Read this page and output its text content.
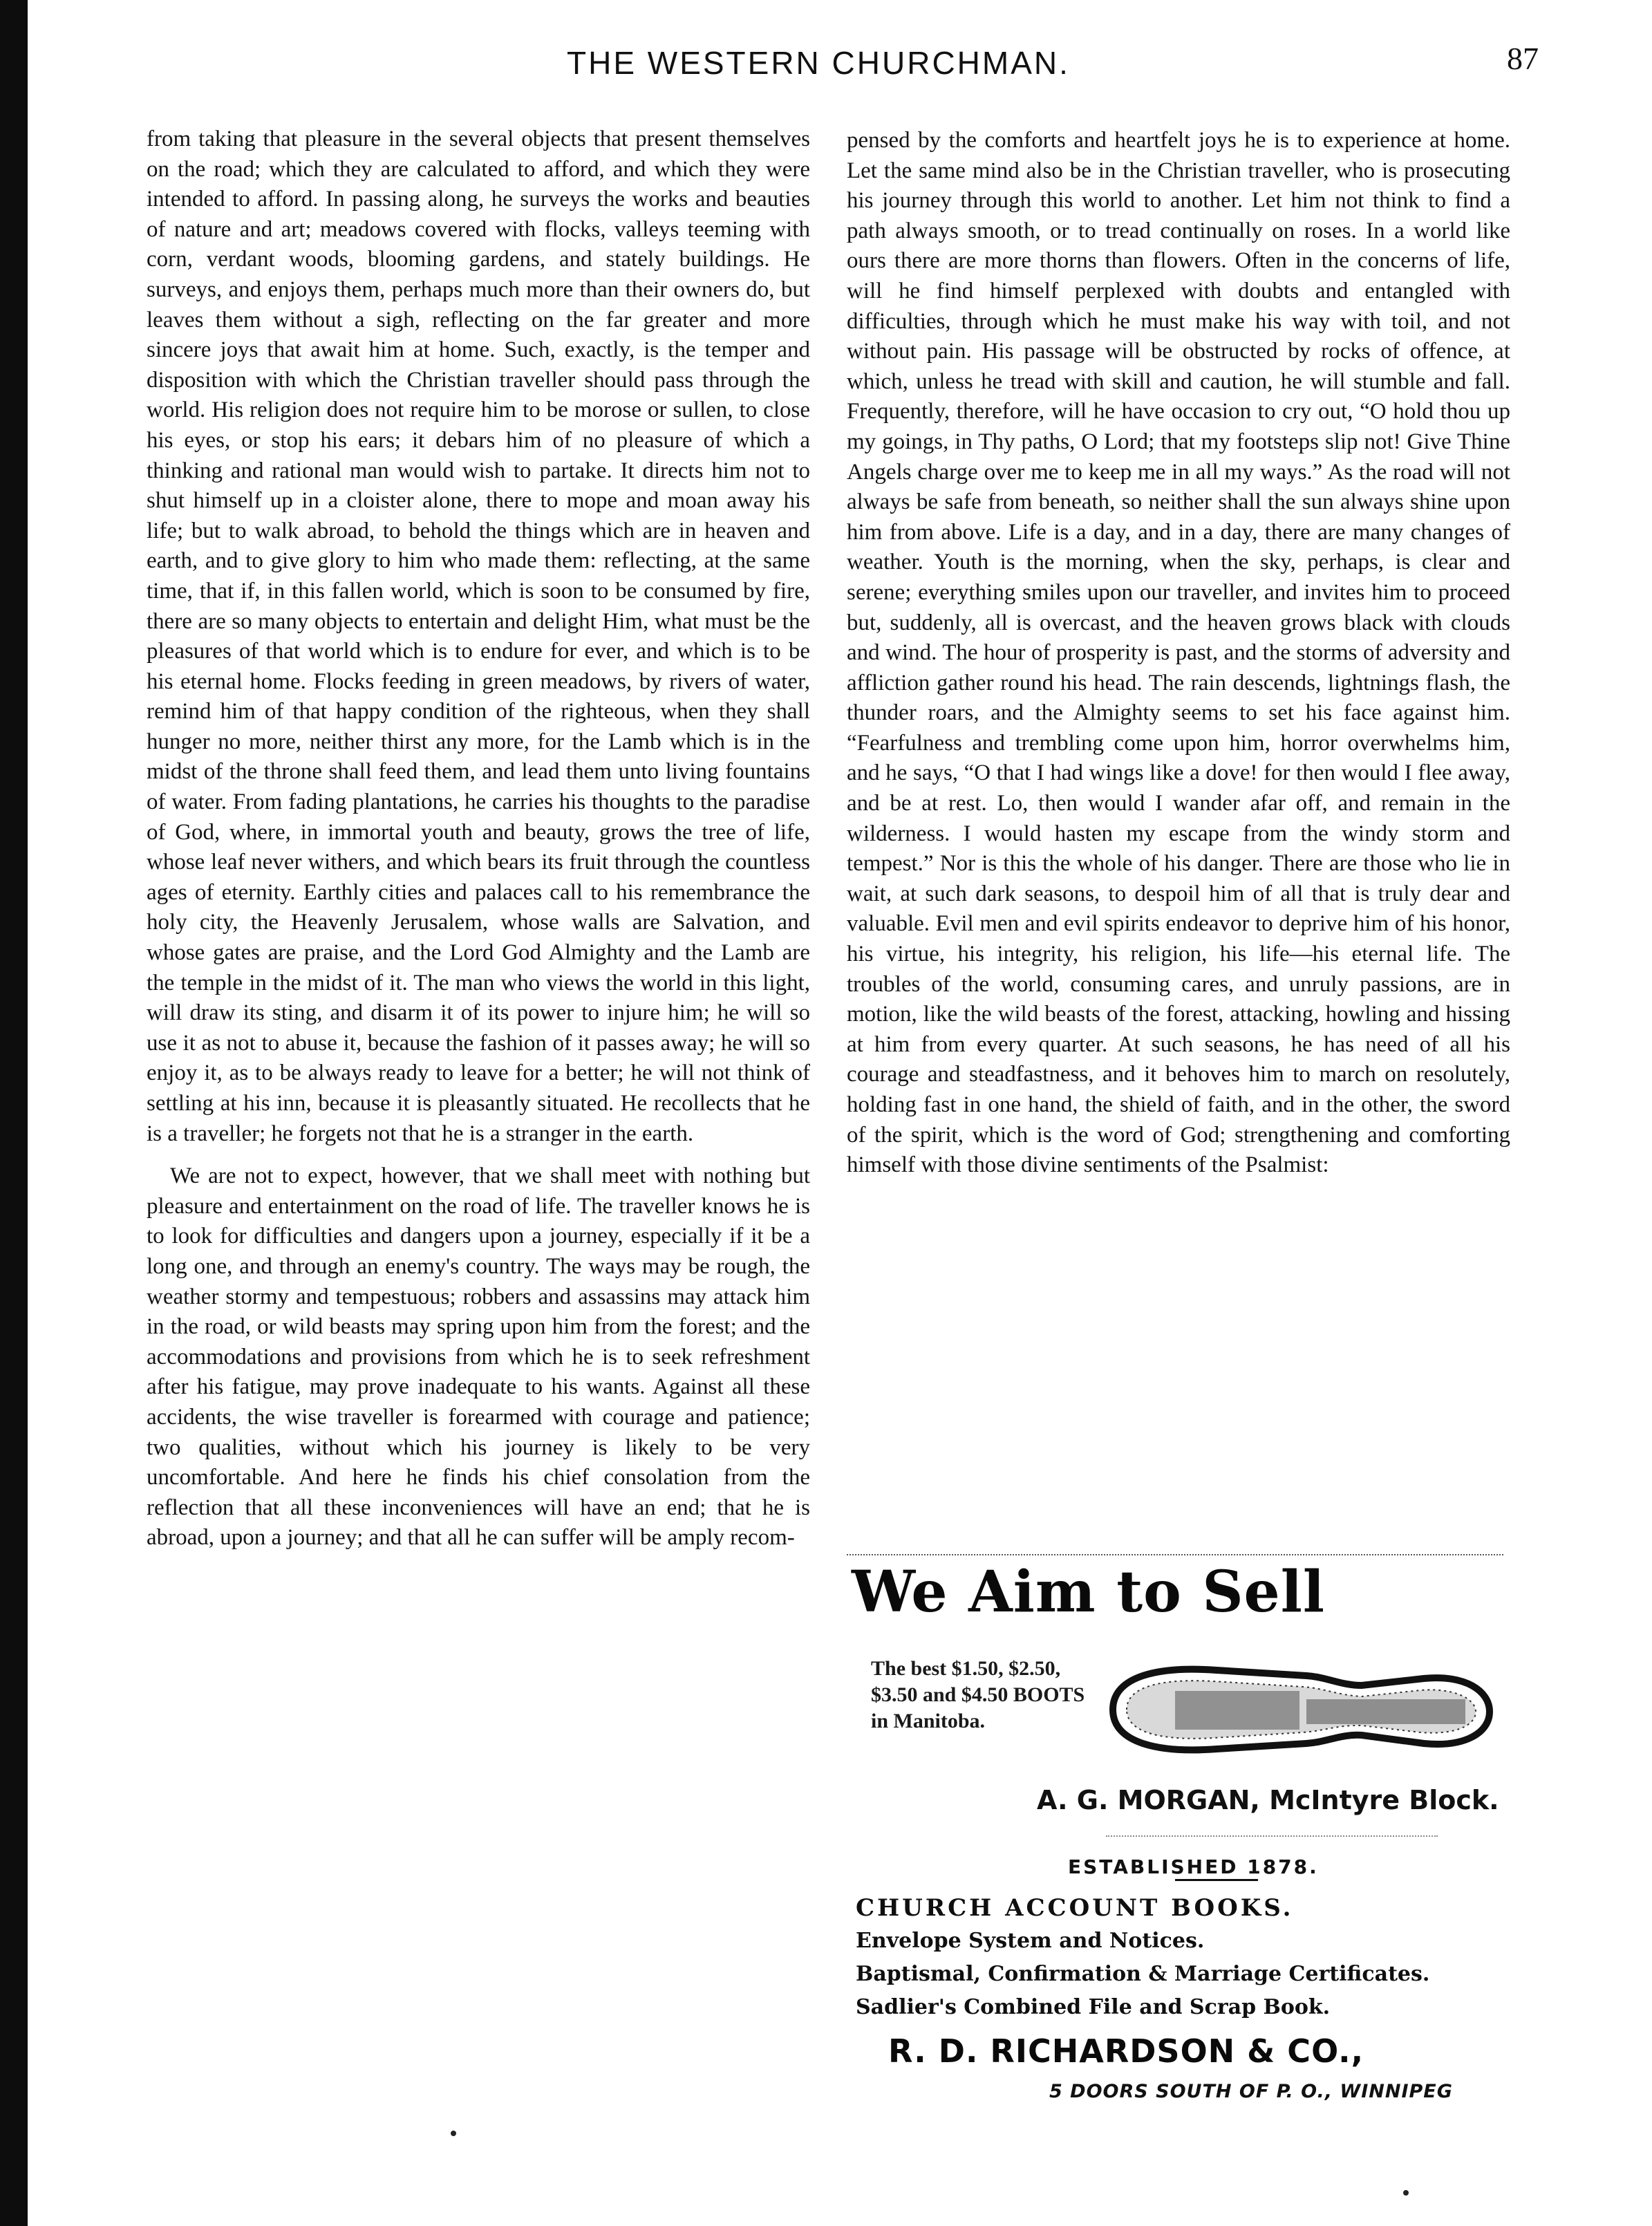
THE WESTERN CHURCHMAN.	87

from taking that pleasure in the several objects that present themselves on the road; which they are calculated to afford, and which they were intended to afford. In passing along, he surveys the works and beauties of nature and art; meadows covered with flocks, valleys teeming with corn, verdant woods, blooming gardens, and stately buildings. He surveys, and enjoys them, perhaps much more than their owners do, but leaves them without a sigh, reflecting on the far greater and more sincere joys that await him at home. Such, exactly, is the temper and disposition with which the Christian traveller should pass through the world. His religion does not require him to be morose or sullen, to close his eyes, or stop his ears; it debars him of no pleasure of which a thinking and rational man would wish to partake. It directs him not to shut himself up in a cloister alone, there to mope and moan away his life; but to walk abroad, to behold the things which are in heaven and earth, and to give glory to him who made them: reflecting, at the same time, that if, in this fallen world, which is soon to be consumed by fire, there are so many objects to entertain and delight Him, what must be the pleasures of that world which is to endure for ever, and which is to be his eternal home. Flocks feeding in green meadows, by rivers of water, remind him of that happy condition of the righteous, when they shall hunger no more, neither thirst any more, for the Lamb which is in the midst of the throne shall feed them, and lead them unto living fountains of water. From fading plantations, he carries his thoughts to the paradise of God, where, in immortal youth and beauty, grows the tree of life, whose leaf never withers, and which bears its fruit through the countless ages of eternity. Earthly cities and palaces call to his remembrance the holy city, the Heavenly Jerusalem, whose walls are Salvation, and whose gates are praise, and the Lord God Almighty and the Lamb are the temple in the midst of it. The man who views the world in this light, will draw its sting, and disarm it of its power to injure him; he will so use it as not to abuse it, because the fashion of it passes away; he will so enjoy it, as to be always ready to leave for a better; he will not think of settling at his inn, because it is pleasantly situated. He recollects that he is a traveller; he forgets not that he is a stranger in the earth.

We are not to expect, however, that we shall meet with nothing but pleasure and entertainment on the road of life. The traveller knows he is to look for difficulties and dangers upon a journey, especially if it be a long one, and through an enemy's country. The ways may be rough, the weather stormy and tempestuous; robbers and assassins may attack him in the road, or wild beasts may spring upon him from the forest; and the accommodations and provisions from which he is to seek refreshment after his fatigue, may prove inadequate to his wants. Against all these accidents, the wise traveller is forearmed with courage and patience; two qualities, without which his journey is likely to be very uncomfortable. And here he finds his chief consolation from the reflection that all these inconveniences will have an end; that he is abroad, upon a journey; and that all he can suffer will be amply recom-

pensed by the comforts and heartfelt joys he is to experience at home. Let the same mind also be in the Christian traveller, who is prosecuting his journey through this world to another. Let him not think to find a path always smooth, or to tread continually on roses. In a world like ours there are more thorns than flowers. Often in the concerns of life, will he find himself perplexed with doubts and entangled with difficulties, through which he must make his way with toil, and not without pain. His passage will be obstructed by rocks of offence, at which, unless he tread with skill and caution, he will stumble and fall. Frequently, therefore, will he have occasion to cry out, “O hold thou up my goings, in Thy paths, O Lord; that my footsteps slip not! Give Thine Angels charge over me to keep me in all my ways.” As the road will not always be safe from beneath, so neither shall the sun always shine upon him from above. Life is a day, and in a day, there are many changes of weather. Youth is the morning, when the sky, perhaps, is clear and serene; everything smiles upon our traveller, and invites him to proceed but, suddenly, all is overcast, and the heaven grows black with clouds and wind. The hour of prosperity is past, and the storms of adversity and affliction gather round his head. The rain descends, lightnings flash, the thunder roars, and the Almighty seems to set his face against him. “Fearfulness and trembling come upon him, horror overwhelms him, and he says, “O that I had wings like a dove! for then would I flee away, and be at rest. Lo, then would I wander afar off, and remain in the wilderness. I would hasten my escape from the windy storm and tempest.” Nor is this the whole of his danger. There are those who lie in wait, at such dark seasons, to despoil him of all that is truly dear and valuable. Evil men and evil spirits endeavor to deprive him of his honor, his virtue, his integrity, his religion, his life—his eternal life. The troubles of the world, consuming cares, and unruly passions, are in motion, like the wild beasts of the forest, attacking, howling and hissing at him from every quarter. At such seasons, he has need of all his courage and steadfastness, and it behoves him to march on resolutely, holding fast in one hand, the shield of faith, and in the other, the sword of the spirit, which is the word of God; strengthening and comforting himself with those divine sentiments of the Psalmist:

We Aim to Sell
The best $1.50, $2.50, $3.50 and $4.50 BOOTS in Manitoba.
A. G. MORGAN, McIntyre Block.
ESTABLISHED 1878.
CHURCH ACCOUNT BOOKS.
Envelope System and Notices.
Baptismal, Confirmation & Marriage Certificates.
Sadlier's Combined File and Scrap Book.
R. D. RICHARDSON & CO.,
5 DOORS SOUTH OF P. O., WINNIPEG
